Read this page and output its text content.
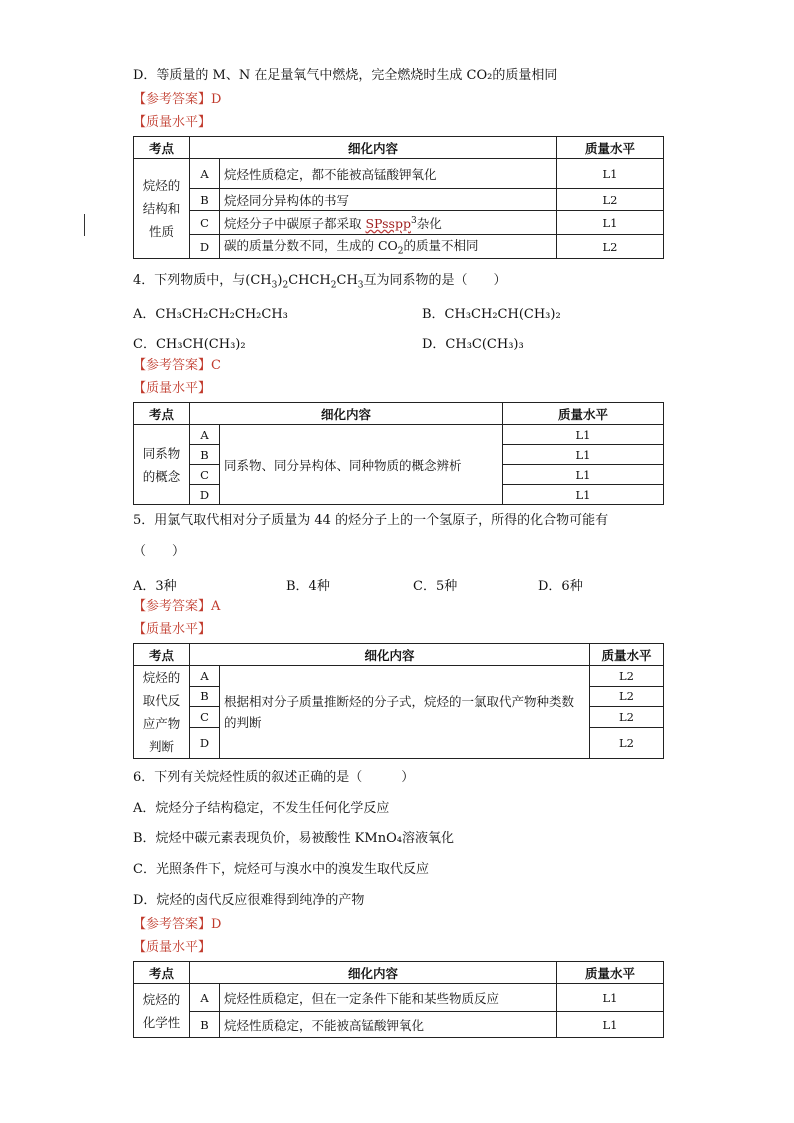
D．等质量的 M、N 在足量氧气中燃烧，完全燃烧时生成 CO₂的质量相同
【参考答案】D
【质量水平】
考点	细化内容		质量水平
烷烃的
结构和
性质	A	烷烃性质稳定，都不能被高锰酸钾氧化	L1
	B	烷烃同分异构体的书写	L2
	C	烷烃分子中碳原子都采取 SPsspp$^3$杂化	L1
	D	碳的质量分数不同，生成的 $CO_2$的质量不相同	L2
4．下列物质中，与$(CH_3)_2CHCH_2CH_3$互为同系物的是（　　）
A．CH₃CH₂CH₂CH₂CH₃	B．CH₃CH₂CH(CH₃)₂
C．CH₃CH(CH₃)₂	D．CH₃C(CH₃)₃
【参考答案】C
【质量水平】
考点	细化内容		质量水平
同系物
的概念	A	同系物、同分异构体、同种物质的概念辨析	L1
	B		L1
	C		L1
	D		L1
5．用氯气取代相对分子质量为 44 的烃分子上的一个氢原子，所得的化合物可能有
（　　）
A．3种	B．4种	C．5种	D．6种
【参考答案】A
【质量水平】
考点	细化内容		质量水平
烷烃的
取代反
应产物
判断	A	根据相对分子质量推断烃的分子式，烷烃的一氯取代产物种类数的判断	L2
	B		L2
	C		L2
	D		L2
6．下列有关烷烃性质的叙述正确的是（　　　）
A．烷烃分子结构稳定，不发生任何化学反应
B．烷烃中碳元素表现负价，易被酸性 KMnO₄溶液氧化
C．光照条件下，烷烃可与溴水中的溴发生取代反应
D．烷烃的卤代反应很难得到纯净的产物
【参考答案】D
【质量水平】
考点	细化内容		质量水平
烷烃的
化学性	A	烷烃性质稳定，但在一定条件下能和某些物质反应	L1
	B	烷烃性质稳定，不能被高锰酸钾氧化	L1
